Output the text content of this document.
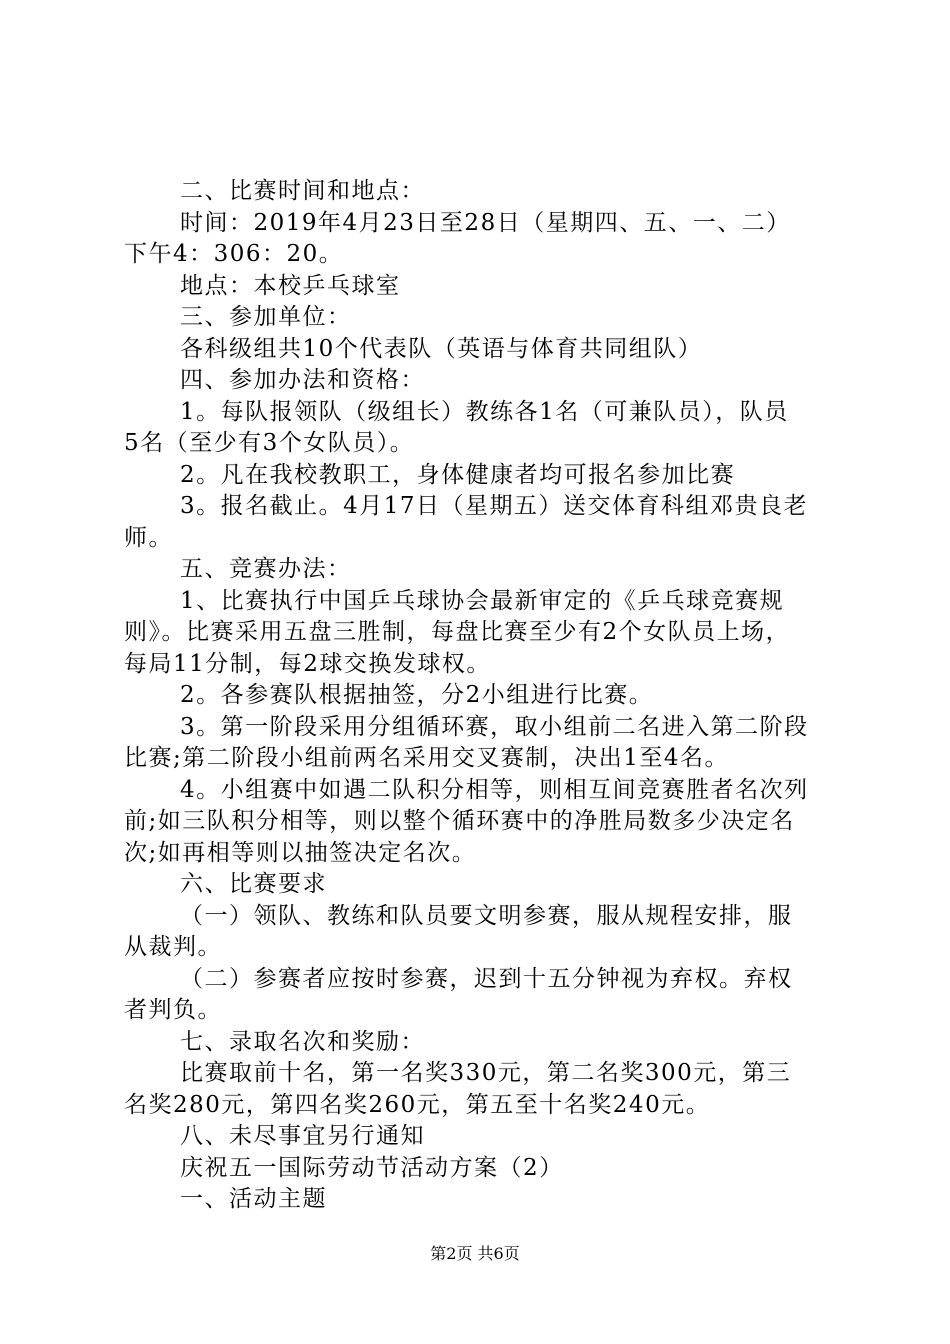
二、比赛时间和地点：
时间：2019年4月23日至28日（星期四、五、一、二）
下午4：306：20。
地点：本校乒乓球室
三、参加单位：
各科级组共10个代表队（英语与体育共同组队）
四、参加办法和资格：
1。每队报领队（级组长）教练各1名（可兼队员），队员
5名（至少有3个女队员）。
2。凡在我校教职工，身体健康者均可报名参加比赛
3。报名截止。4月17日（星期五）送交体育科组邓贵良老
师。
五、竞赛办法：
1、比赛执行中国乒乓球协会最新审定的《乒乓球竞赛规
则》。比赛采用五盘三胜制，每盘比赛至少有2个女队员上场，
每局11分制，每2球交换发球权。
2。各参赛队根据抽签，分2小组进行比赛。
3。第一阶段采用分组循环赛，取小组前二名进入第二阶段
比赛;第二阶段小组前两名采用交叉赛制，决出1至4名。
4。小组赛中如遇二队积分相等，则相互间竞赛胜者名次列
前;如三队积分相等，则以整个循环赛中的净胜局数多少决定名
次;如再相等则以抽签决定名次。
六、比赛要求
（一）领队、教练和队员要文明参赛，服从规程安排，服
从裁判。
（二）参赛者应按时参赛，迟到十五分钟视为弃权。弃权
者判负。
七、录取名次和奖励：
比赛取前十名，第一名奖330元，第二名奖300元，第三
名奖280元，第四名奖260元，第五至十名奖240元。
八、未尽事宜另行通知
庆祝五一国际劳动节活动方案（2）
一、活动主题
第2页 共6页
